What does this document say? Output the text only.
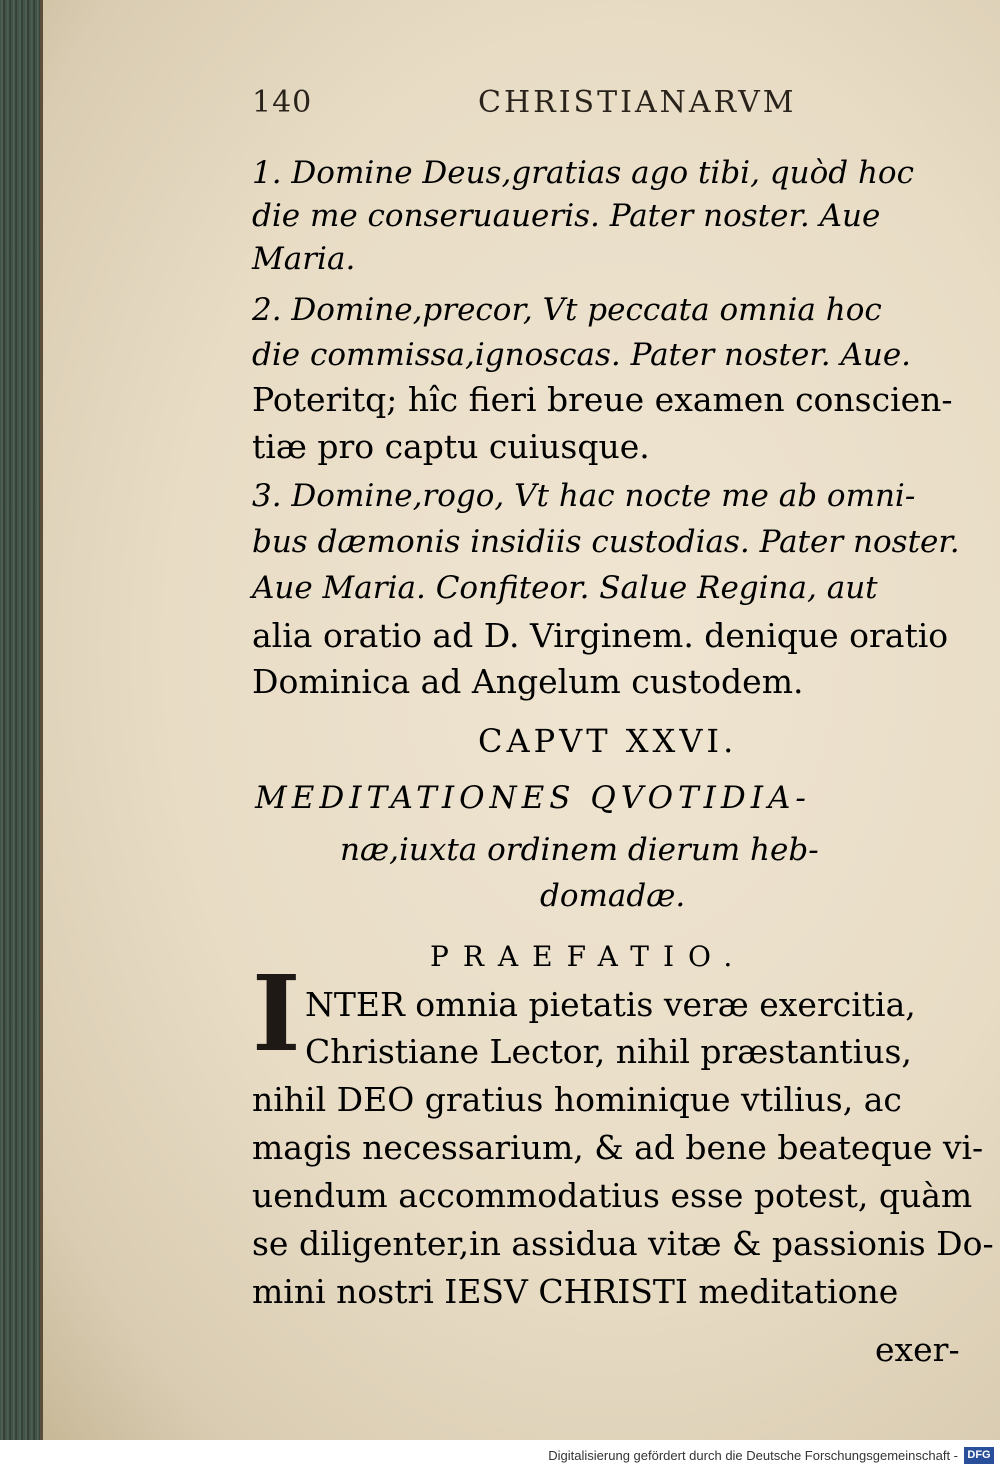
140	CHRISTIANARVM
1. Domine Deus,gratias ago tibi, quòd hoc
die me conseruaueris. Pater noster. Aue
Maria.
2. Domine,precor, Vt peccata omnia hoc
die commissa,ignoscas. Pater noster. Aue.
Poteritq; hîc fieri breue examen conscien-
tiæ pro captu cuiusque.
3. Domine,rogo, Vt hac nocte me ab omni-
bus dæmonis insidiis custodias. Pater noster.
Aue Maria. Confiteor. Salue Regina, aut
alia oratio ad D. Virginem. denique oratio
Dominica ad Angelum custodem.
CAPVT XXVI.
MEDITATIONES QVOTIDIA-
næ,iuxta ordinem dierum heb-
domadæ.
PRAEFATIO.
I NTER omnia pietatis veræ exercitia,
Christiane Lector, nihil præstantius,
nihil DEO gratius hominique vtilius, ac
magis necessarium, & ad bene beateque vi-
uendum accommodatius esse potest, quàm
se diligenter,in assidua vitæ & passionis Do-
mini nostri IESV CHRISTI meditatione
exer-
Digitalisierung gefördert durch die Deutsche Forschungsgemeinschaft - DFG
